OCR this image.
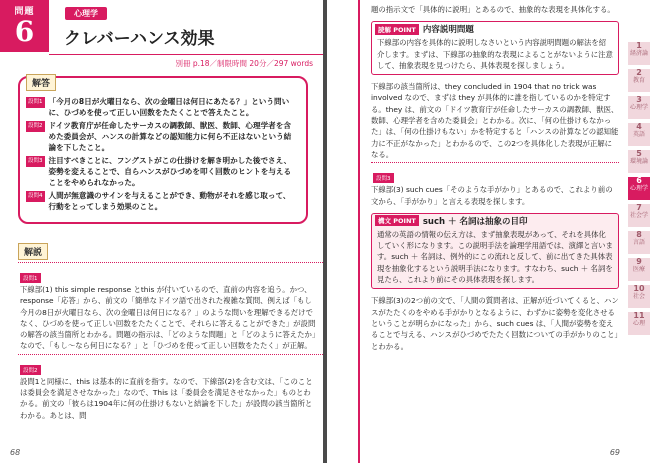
問題
6
心理学
クレバーハンス効果
別冊 p.18／制限時間 20分／297 words
解答
設問1 「今月の8日が火曜日なら、次の金曜日は何日にあたる？」という問いに、ひづめを使って正しい回数をたたくことで答えたこと。
設問2 ドイツ教育庁が任命したサーカスの調教師、獣医、数師、心理学者を含めた委員会が、ハンスの計算などの認知能力に何ら不正はないという結論を下したこと。
設問3 注目すべきことに、フングストがこの仕掛けを解き明かした後でさえ、姿勢を変えることで、自らハンスがひづめを叩く回数のヒントを与えることをやめられなかった。
設問4 人間が無意識のサインを与えることができ、動物がそれを感じ取って、行動をとってしまう効果のこと。
解説
設問1
下線部(1) this simple response とthis が付いているので、直前の内容を追う。かつ、response「応答」から、前文の「簡単なドイツ語で出された複雑な質問、例えば「もし今月の8日が火曜日なら、次の金曜日は何日になる？」のような問いを理解できるだけでなく、ひづめを使って正しい回数をたたくことで、それらに答えることができた」が設問の解答の該当箇所とわかる。問題の指示は、「どのような問題」と「どのように答えたか」なので、「もし〜なら何日になる？」と「ひづめを使って正しい回数をたたく」が正解。
設問2
設問1と同様に、this は基本的に直前を指す。なので、下線部(2)を含む文は、「このことは委員会を満足させなかった」なので、This は「委員会を満足させなかった」ものとわかる。前文の「彼らは1904年に何の仕掛けもないと結論を下した」が設問の該当箇所とわかる。あとは、問
68
題の指示文で「具体的に説明」とあるので、抽象的な表現を具体化する。
読解 POINT 内容説明問題
下線部の内容を具体的に説明しなさいという内容説明問題の解法を紹介します。まずは、下線部の抽象的な表現によることがないように注意して、抽象表現を見つけたら、具体表現を探しましょう。
下線部の該当箇所は、they concluded in 1904 that no trick was involved なので、まずは they が具体的に誰を指しているのかを特定する。they は、前文の「ドイツ教育庁が任命したサーカスの調教師、獣医、数師、心理学者を含めた委員会」とわかる。次に、「何の仕掛けもなかった」は、「何の仕掛けもない」かを特定すると「ハンスの計算などの認知能力に不正がなかった」とわかるので、この2つを具体化した表現が正解になる。
設問3
下線部(3) such cues「そのような手がかり」とあるので、これより前の文から、「手がかり」と言える表現を探します。
構文 POINT such ＋ 名詞は抽象の目印
通常の英語の情報の伝え方は、まず抽象表現があって、それを具体化していく形になります。この説明手法を論理学用語では、演繹と言います。such ＋ 名詞は、例外的にこの流れと反して、前に出てきた具体表現を抽象化するという説明手法になります。すなわち、such ＋ 名詞を見たら、これより前にその具体表現を探します。
下線部(3)の2つ前の文で、「人間の質問者は、正解が近づいてくると、ハンスがたたくのをやめる手がかりとなるように、わずかに姿勢を変化させるということが明らかになった」から、such cues は、「人間が姿勢を変えることで与える、ハンスがひづめでたたく回数についての手がかりのこと」とわかる。
1
経済論
2
教育
3
心理学
4
英語
5
環境論
6
心理学
7
社会学
8
言語
9
医療
10
社会
11
心理
69
